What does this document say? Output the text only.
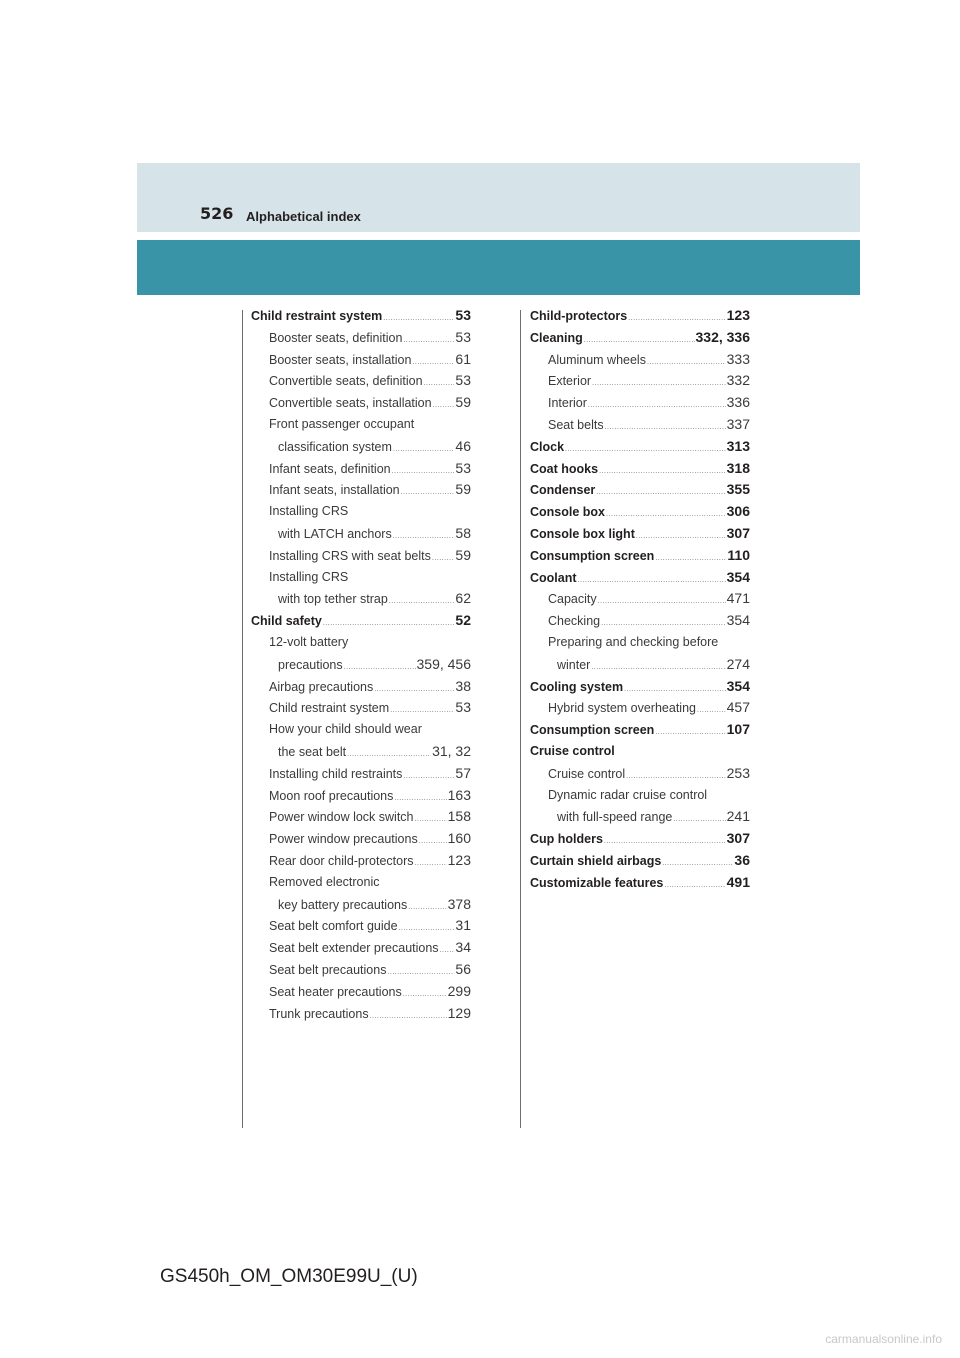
526 Alphabetical index
Child restraint system .....	53
Booster seats, definition .....	53
Booster seats, installation .....	61
Convertible seats, definition ..... 53
Convertible seats, installation ..... 59
Front passenger occupant
classification system .....	46
Infant seats, definition .....	53
Infant seats, installation .....	59
Installing CRS
with LATCH anchors .....	58
Installing CRS with seat belts ..... 59
Installing CRS
with top tether strap .....	62
Child safety .....	52
12-volt battery
precautions .....	359, 456
Airbag precautions .....	38
Child restraint system .....	53
How your child should wear
the seat belt .....	31, 32
Installing child restraints .....	57
Moon roof precautions .....	163
Power window lock switch ..... 158
Power window precautions ..... 160
Rear door child-protectors ..... 123
Removed electronic
key battery precautions .....	378
Seat belt comfort guide .....	31
Seat belt extender precautions ..... 34
Seat belt precautions .....	56
Seat heater precautions .....	299
Trunk precautions .....	129
Child-protectors .....	123
Cleaning .....	332, 336
Aluminum wheels .....	333
Exterior .....	332
Interior .....	336
Seat belts .....	337
Clock .....	313
Coat hooks .....	318
Condenser .....	355
Console box .....	306
Console box light .....	307
Consumption screen .....	110
Coolant .....	354
Capacity .....	471
Checking .....	354
Preparing and checking before
winter .....	274
Cooling system .....	354
Hybrid system overheating ..... 457
Consumption screen .....	107
Cruise control
Cruise control .....	253
Dynamic radar cruise control
with full-speed range .....	241
Cup holders .....	307
Curtain shield airbags .....	36
Customizable features .....	491
GS450h_OM_OM30E99U_(U)
carmanualsonline.info
